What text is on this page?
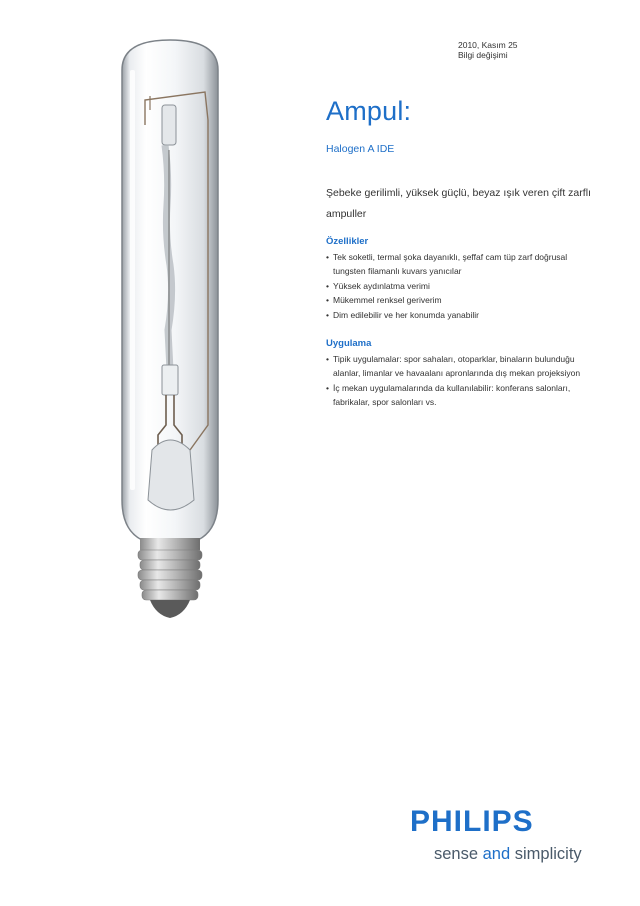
2010, Kasım 25
Bilgi değişimi
Ampul:
Halogen A IDE
Şebeke gerilimli, yüksek güçlü, beyaz ışık veren çift zarflı ampuller
Özellikler
• Tek soketli, termal şoka dayanıklı, şeffaf cam tüp zarf doğrusal tungsten filamanlı kuvars yanıcılar
• Yüksek aydınlatma verimi
• Mükemmel renksel geriverim
• Dim edilebilir ve her konumda yanabilir
Uygulama
• Tipik uygulamalar: spor sahaları, otoparklar, binaların bulunduğu alanlar, limanlar ve havaalanı apronlarında dış mekan projeksiyon
• İç mekan uygulamalarında da kullanılabilir: konferans salonları, fabrikalar, spor salonları vs.
PHILIPS
sense and simplicity
